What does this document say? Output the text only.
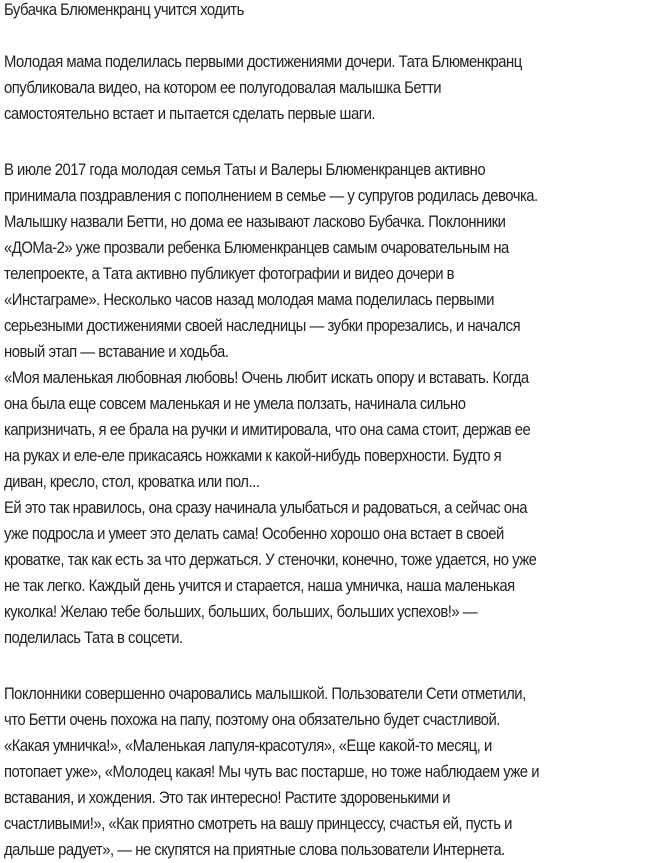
Бубачка Блюменкранц учится ходить
Молодая мама поделилась первыми достижениями дочери. Тата Блюменкранц
опубликовала видео, на котором ее полугодовалая малышка Бетти
самостоятельно встает и пытается сделать первые шаги.
В июле 2017 года молодая семья Таты и Валеры Блюменкранцев активно
принимала поздравления с пополнением в семье — у супругов родилась девочка.
Малышку назвали Бетти, но дома ее называют ласково Бубачка. Поклонники
«ДОМа-2» уже прозвали ребенка Блюменкранцев самым очаровательным на
телепроекте, а Тата активно публикует фотографии и видео дочери в
«Инстаграме». Несколько часов назад молодая мама поделилась первыми
серьезными достижениями своей наследницы — зубки прорезались, и начался
новый этап — вставание и ходьба.
«Моя маленькая любовная любовь! Очень любит искать опору и вставать. Когда
она была еще совсем маленькая и не умела ползать, начинала сильно
капризничать, я ее брала на ручки и имитировала, что она сама стоит, держав ее
на руках и еле-еле прикасаясь ножками к какой-нибудь поверхности. Будто я
диван, кресло, стол, кроватка или пол...
Ей это так нравилось, она сразу начинала улыбаться и радоваться, а сейчас она
уже подросла и умеет это делать сама! Особенно хорошо она встает в своей
кроватке, так как есть за что держаться. У стеночки, конечно, тоже удается, но уже
не так легко. Каждый день учится и старается, наша умничка, наша маленькая
куколка! Желаю тебе больших, больших, больших, больших успехов!» —
поделилась Тата в соцсети.
Поклонники совершенно очаровались малышкой. Пользователи Сети отметили,
что Бетти очень похожа на папу, поэтому она обязательно будет счастливой.
«Какая умничка!», «Маленькая лапуля-красотуля», «Еще какой-то месяц, и
потопает уже», «Молодец какая! Мы чуть вас постарше, но тоже наблюдаем уже и
вставания, и хождения. Это так интересно! Растите здоровенькими и
счастливыми!», «Как приятно смотреть на вашу принцессу, счастья ей, пусть и
дальше радует», — не скупятся на приятные слова пользователи Интернета.
